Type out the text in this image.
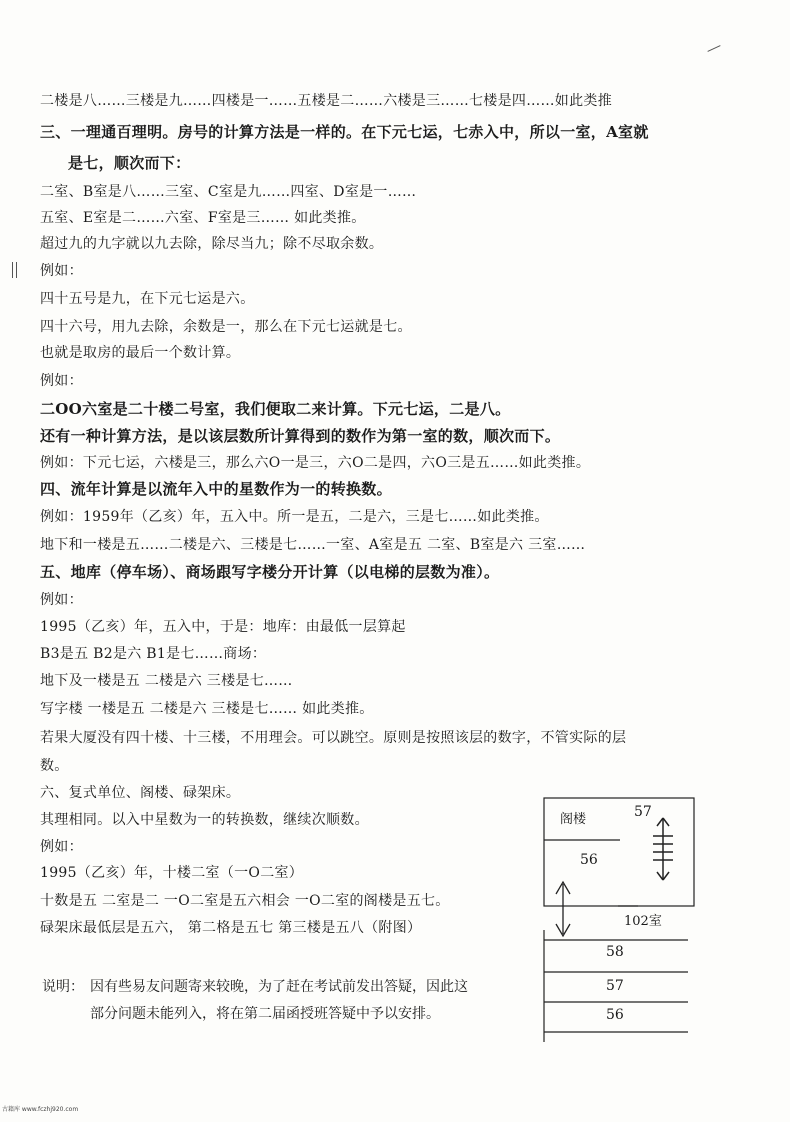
二楼是八……三楼是九……四楼是一……五楼是二……六楼是三……七楼是四……如此类推

三、一理通百理明。房号的计算方法是一样的。在下元七运，七赤入中，所以一室，A室就

是七，顺次而下：

二室、B室是八……三室、C室是九……四室、D室是一……

五室、E室是二……六室、F室是三…… 如此类推。

超过九的九字就以九去除，除尽当九；除不尽取余数。

例如：

四十五号是九，在下元七运是六。

四十六号，用九去除，余数是一，那么在下元七运就是七。

也就是取房的最后一个数计算。

例如：

二OO六室是二十楼二号室，我们便取二来计算。下元七运，二是八。

还有一种计算方法，是以该层数所计算得到的数作为第一室的数，顺次而下。

例如：下元七运，六楼是三，那么六O一是三，六O二是四，六O三是五……如此类推。

四、流年计算是以流年入中的星数作为一的转换数。

例如：1959年（乙亥）年，五入中。所一是五，二是六，三是七……如此类推。

地下和一楼是五……二楼是六、三楼是七……一室、A室是五 二室、B室是六 三室……

五、地库（停车场）、商场跟写字楼分开计算（以电梯的层数为准）。

例如：

1995（乙亥）年，五入中，于是：地库：由最低一层算起

B3是五 B2是六 B1是七……商场：

地下及一楼是五 二楼是六 三楼是七……

写字楼 一楼是五 二楼是六 三楼是七…… 如此类推。

若果大厦没有四十楼、十三楼，不用理会。可以跳空。原则是按照该层的数字，不管实际的层

数。

六、复式单位、阁楼、碌架床。

其理相同。以入中星数为一的转换数，继续次顺数。

例如：

1995（乙亥）年，十楼二室（一O二室）

十数是五 二室是二 一O二室是五六相会 一O二室的阁楼是五七。

碌架床最低层是五六， 第二格是五七 第三楼是五八（附图）

说明： 因有些易友问题寄来较晚，为了赶在考试前发出答疑，因此这
部分问题未能列入，将在第二届函授班答疑中予以安排。
阁楼	57
56
102室
58
57
56
古籍库 www.fczhj920.com
